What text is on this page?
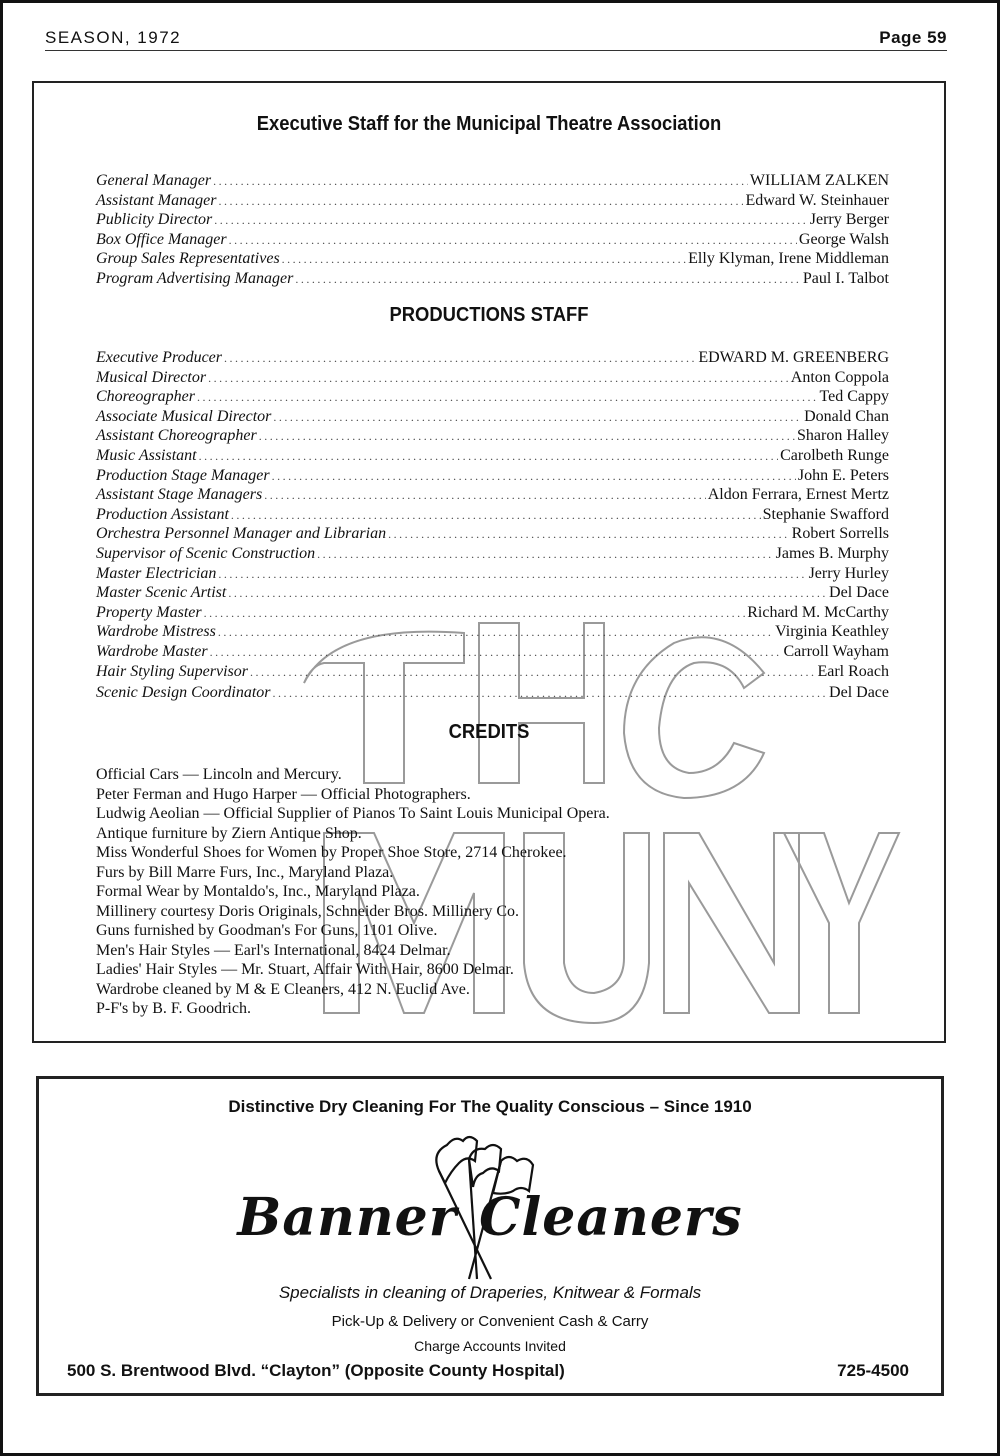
SEASON, 1972	Page 59
Executive Staff for the Municipal Theatre Association
General Manager .....	WILLIAM ZALKEN
Assistant Manager .....	Edward W. Steinhauer
Publicity Director .....	Jerry Berger
Box Office Manager .....	George Walsh
Group Sales Representatives .....	Elly Klyman, Irene Middleman
Program Advertising Manager .....	Paul I. Talbot
PRODUCTIONS STAFF
Executive Producer .....	EDWARD M. GREENBERG
Musical Director .....	Anton Coppola
Choreographer .....	Ted Cappy
Associate Musical Director .....	Donald Chan
Assistant Choreographer .....	Sharon Halley
Music Assistant .....	Carolbeth Runge
Production Stage Manager .....	John E. Peters
Assistant Stage Managers .....	Aldon Ferrara, Ernest Mertz
Production Assistant .....	Stephanie Swafford
Orchestra Personnel Manager and Librarian .....	Robert Sorrells
Supervisor of Scenic Construction .....	James B. Murphy
Master Electrician .....	Jerry Hurley
Master Scenic Artist .....	Del Dace
Property Master .....	Richard M. McCarthy
Wardrobe Mistress .....	Virginia Keathley
Wardrobe Master .....	Carroll Wayham
Hair Styling Supervisor .....	Earl Roach
Scenic Design Coordinator .....	Del Dace
CREDITS
Official Cars — Lincoln and Mercury.
Peter Ferman and Hugo Harper — Official Photographers.
Ludwig Aeolian — Official Supplier of Pianos To Saint Louis Municipal Opera.
Antique furniture by Ziern Antique Shop.
Miss Wonderful Shoes for Women by Proper Shoe Store, 2714 Cherokee.
Furs by Bill Marre Furs, Inc., Maryland Plaza.
Formal Wear by Montaldo's, Inc., Maryland Plaza.
Millinery courtesy Doris Originals, Schneider Bros. Millinery Co.
Guns furnished by Goodman's For Guns, 1101 Olive.
Men's Hair Styles — Earl's International, 8424 Delmar.
Ladies' Hair Styles — Mr. Stuart, Affair With Hair, 8600 Delmar.
Wardrobe cleaned by M & E Cleaners, 412 N. Euclid Ave.
P-F's by B. F. Goodrich.
Distinctive Dry Cleaning For The Quality Conscious – Since 1910
Banner Cleaners
Specialists in cleaning of Draperies, Knitwear & Formals
Pick-Up & Delivery or Convenient Cash & Carry
Charge Accounts Invited
500 S. Brentwood Blvd. “Clayton” (Opposite County Hospital)	725-4500
